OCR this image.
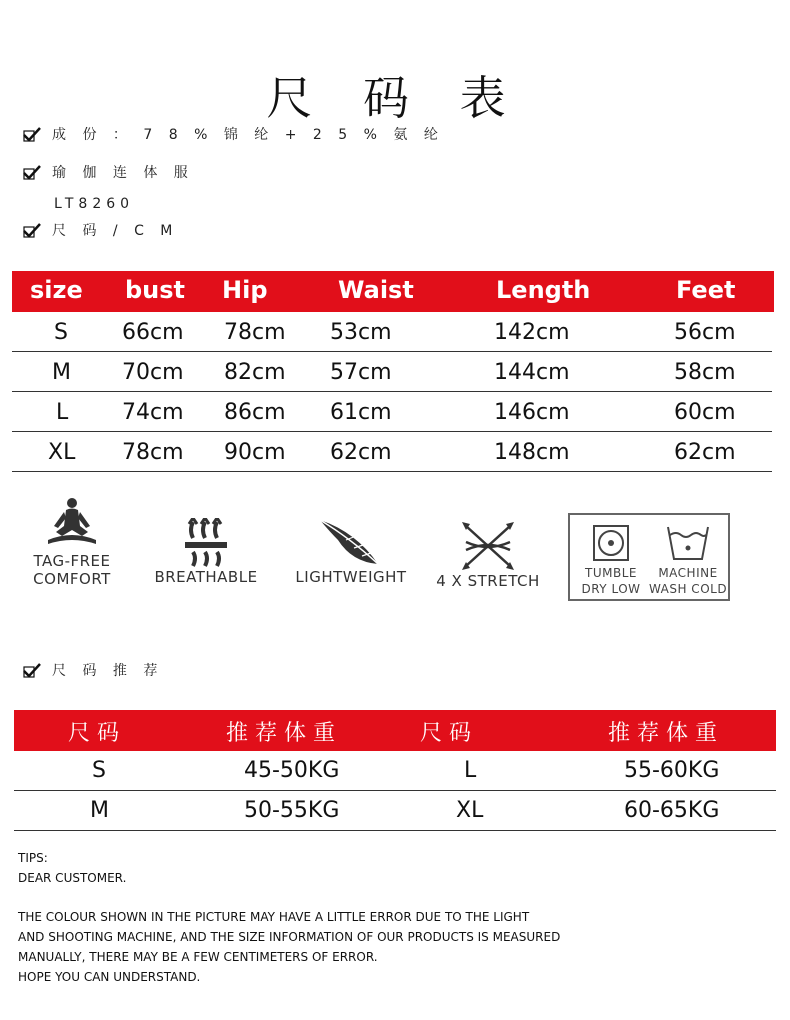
尺 码 表
成 份 ： 7 8 % 锦 纶 + 2 5 % 氨 纶
瑜 伽 连 体 服
LT8260
尺 码 / C M
size bust Hip	Waist	Length	Feet
S 66cm 78cm 53cm	142cm	56cm
M 70cm 82cm 57cm	144cm	58cm
L 74cm 86cm 61cm	146cm	60cm
XL 78cm 90cm 62cm	148cm	62cm
TAG-FREE
COMFORT	BREATHABLE	LIGHTWEIGHT	4 X STRETCH	TUMBLE
DRY LOW
MACHINE
WASH COLD
尺 码 推 荐
尺码	推荐体重	尺码	推荐体重
S	45-50KG	L	55-60KG
M	50-55KG	XL	60-65KG
TIPS:
DEAR CUSTOMER.
THE COLOUR SHOWN IN THE PICTURE MAY HAVE A LITTLE ERROR DUE TO THE LIGHT
AND SHOOTING MACHINE, AND THE SIZE INFORMATION OF OUR PRODUCTS IS MEASURED
MANUALLY, THERE MAY BE A FEW CENTIMETERS OF ERROR.
HOPE YOU CAN UNDERSTAND.
